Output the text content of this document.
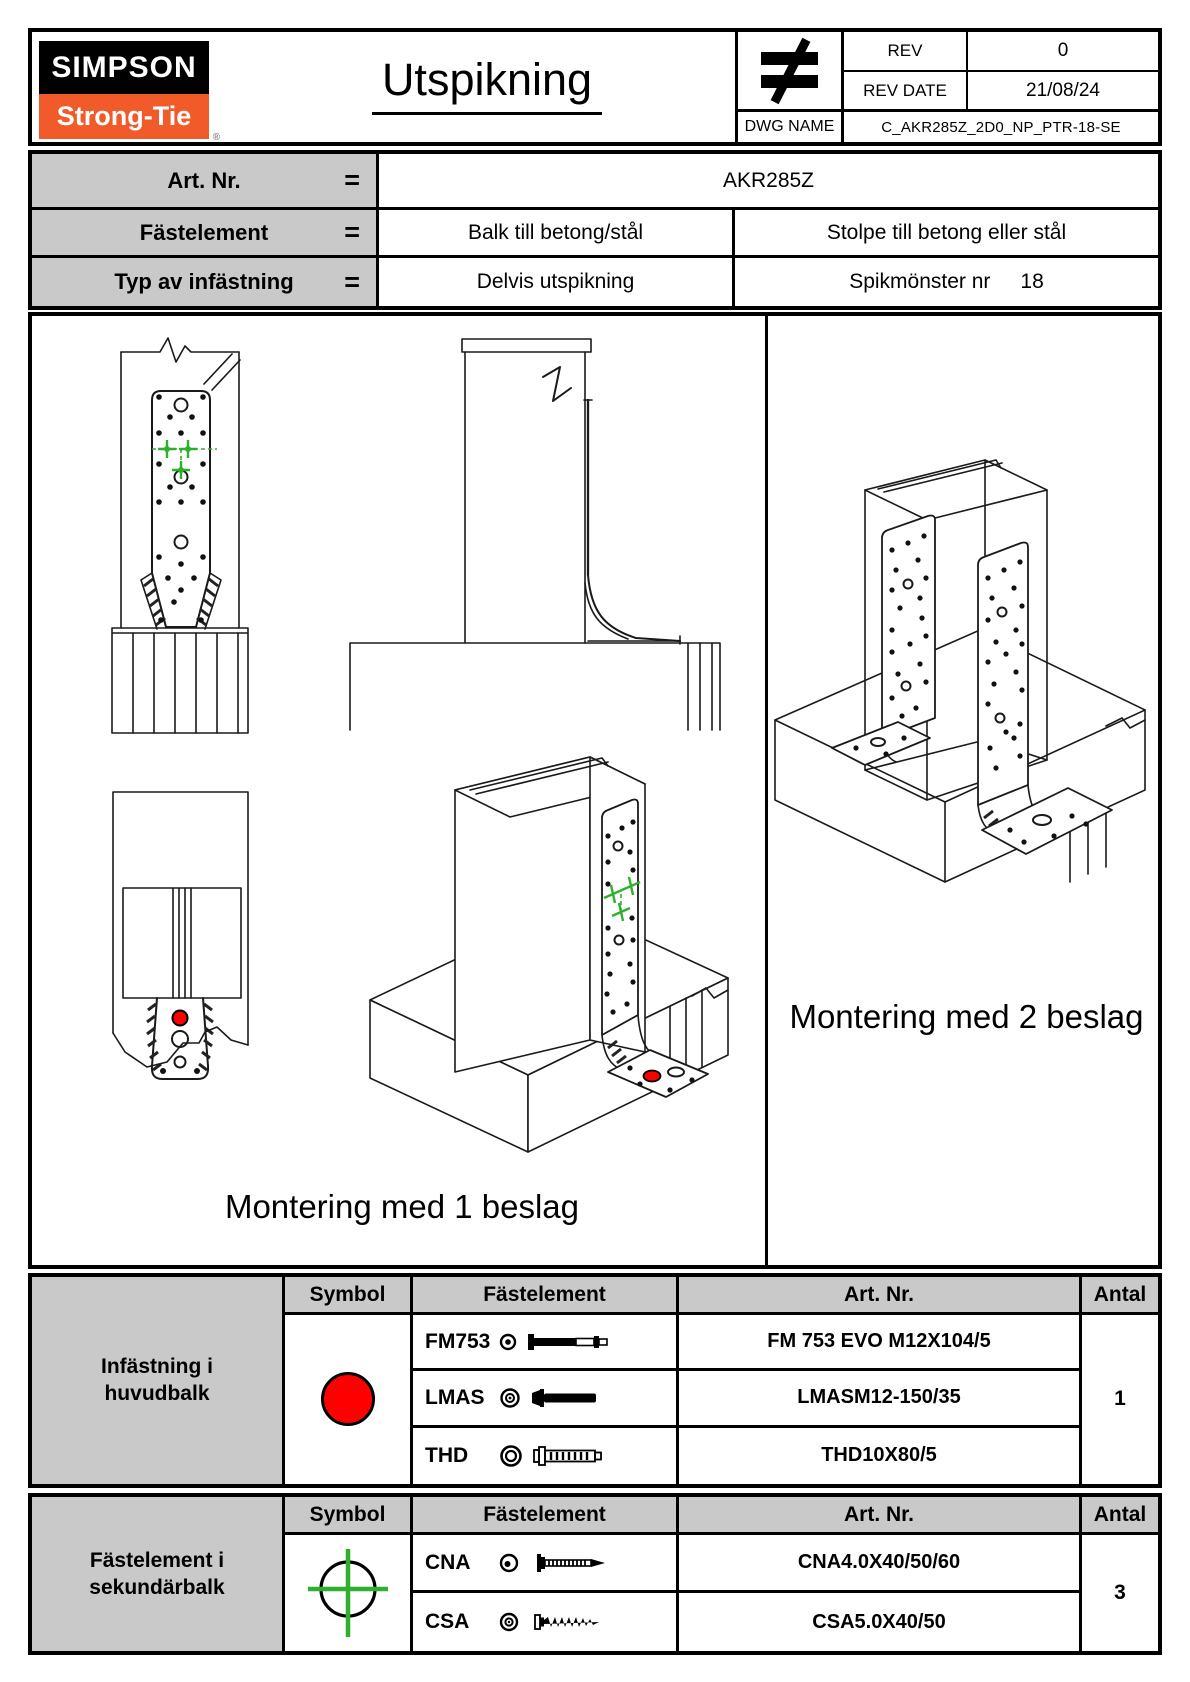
SIMPSON
Strong-Tie
®
Utspikning
REV	0
REV DATE	21/08/24
DWG NAME	C_AKR285Z_2D0_NP_PTR-18-SE
Art. Nr.	=	AKR285Z
Fästelement	=	Balk till betong/stål	Stolpe till betong eller stål
Typ av infästning =	Delvis utspikning	Spikmönster nr 18
Montering med 1 beslag
Montering med 2 beslag
Infästning i huvudbalk
Symbol	Fästelement	Art. Nr.	Antal
FM753	FM 753 EVO M12X104/5
LMAS	LMASM12-150/35
THD	THD10X80/5
1
Fästelement i sekundärbalk
Symbol	Fästelement	Art. Nr.	Antal
CNA	CNA4.0X40/50/60
CSA	CSA5.0X40/50
3
